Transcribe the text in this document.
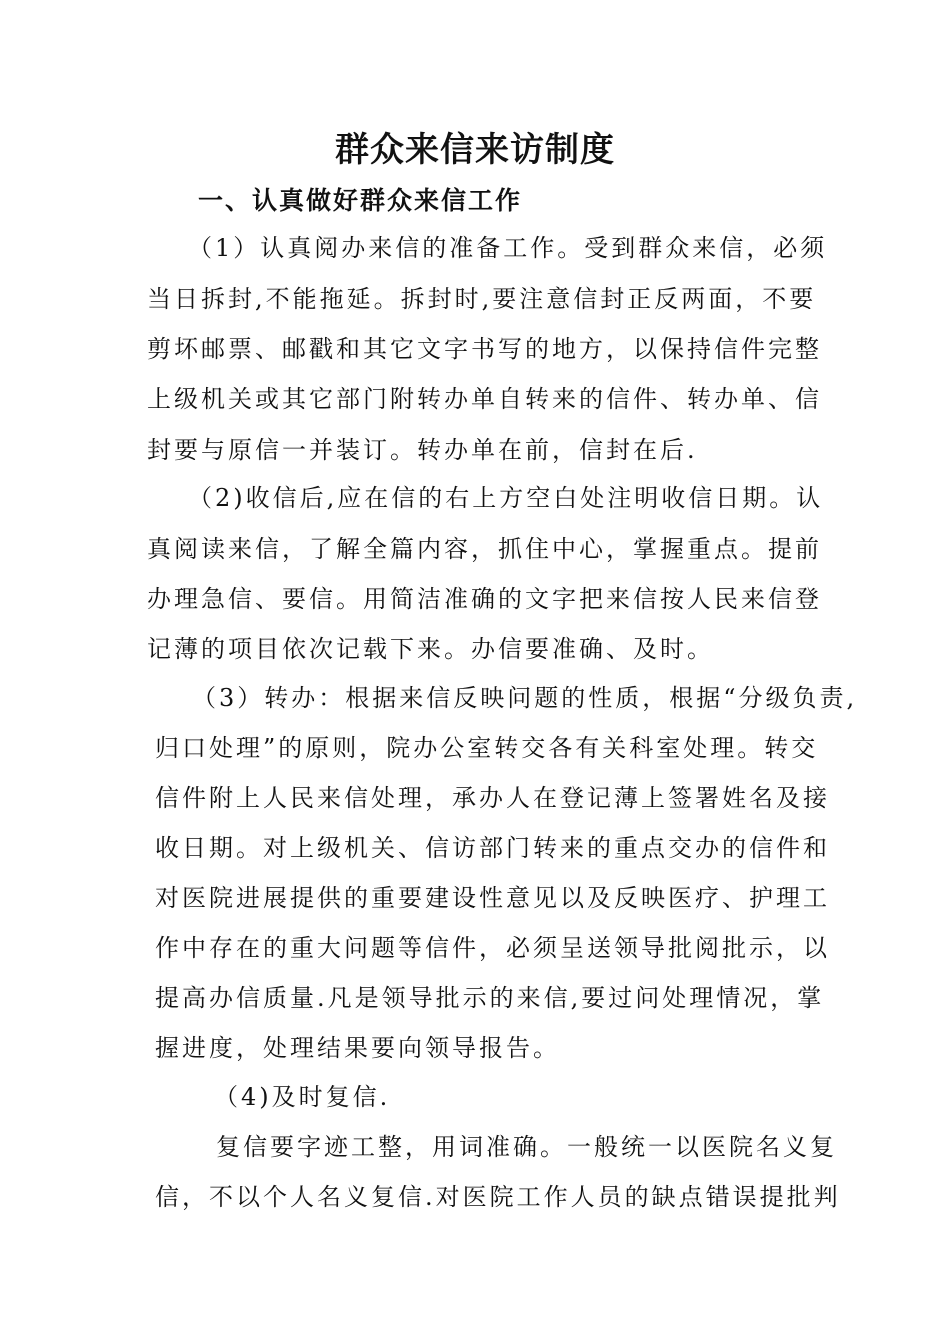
群众来信来访制度
一、认真做好群众来信工作
（1）认真阅办来信的准备工作。受到群众来信，必须
当日拆封,不能拖延。拆封时,要注意信封正反两面，不要
剪坏邮票、邮戳和其它文字书写的地方，以保持信件完整
上级机关或其它部门附转办单自转来的信件、转办单、信
封要与原信一并装订。转办单在前，信封在后.
（2)收信后,应在信的右上方空白处注明收信日期。认
真阅读来信，了解全篇内容，抓住中心，掌握重点。提前
办理急信、要信。用简洁准确的文字把来信按人民来信登
记薄的项目依次记载下来。办信要准确、及时。
（3）转办：根据来信反映问题的性质，根据“分级负责,
归口处理”的原则，院办公室转交各有关科室处理。转交
信件附上人民来信处理，承办人在登记薄上签署姓名及接
收日期。对上级机关、信访部门转来的重点交办的信件和
对医院进展提供的重要建设性意见以及反映医疗、护理工
作中存在的重大问题等信件，必须呈送领导批阅批示，以
提高办信质量.凡是领导批示的来信,要过问处理情况，掌
握进度，处理结果要向领导报告。
（4)及时复信.
复信要字迹工整，用词准确。一般统一以医院名义复
信，不以个人名义复信.对医院工作人员的缺点错误提批判
